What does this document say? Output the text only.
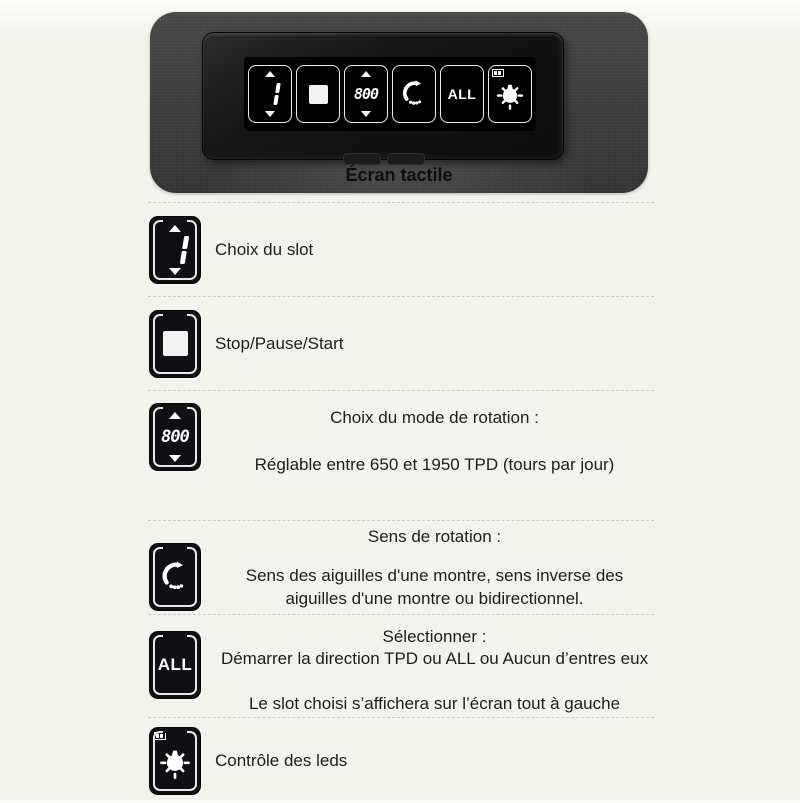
800	ALL
Écran tactile
Choix du slot
Stop/Pause/Start
800
Choix du mode de rotation :
Réglable entre 650 et 1950 TPD (tours par jour)
Sens de rotation :
Sens des aiguilles d'une montre, sens inverse des aiguilles d'une montre ou bidirectionnel.
ALL
Sélectionner :
Démarrer la direction TPD ou ALL ou Aucun d’entres eux
Le slot choisi s’affichera sur l’écran tout à gauche
Contrôle des leds
